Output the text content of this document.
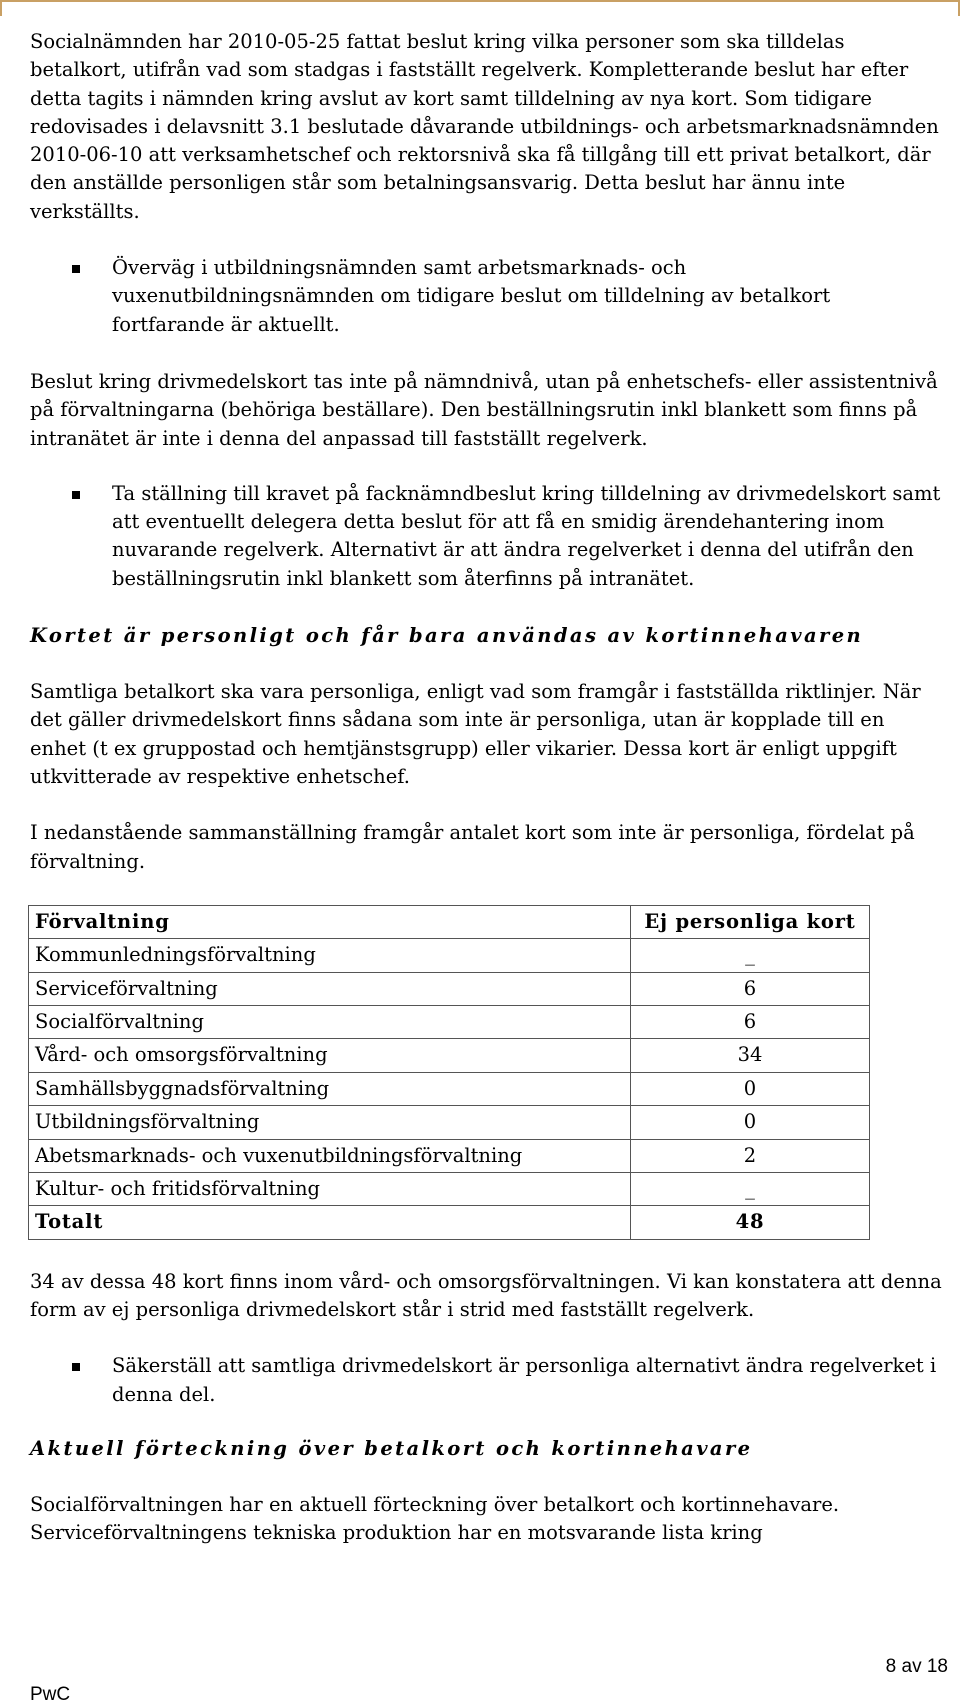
Socialnämnden har 2010-05-25 fattat beslut kring vilka personer som ska tilldelas betalkort, utifrån vad som stadgas i fastställt regelverk. Kompletterande beslut har efter detta tagits i nämnden kring avslut av kort samt tilldelning av nya kort. Som tidigare redovisades i delavsnitt 3.1 beslutade dåvarande utbildnings- och arbetsmarknadsnämnden 2010-06-10 att verksamhetschef och rektorsnivå ska få tillgång till ett privat betalkort, där den anställde personligen står som betalningsansvarig. Detta beslut har ännu inte verkställts.

Överväg i utbildningsnämnden samt arbetsmarknads- och vuxenutbildningsnämnden om tidigare beslut om tilldelning av betalkort fortfarande är aktuellt.

Beslut kring drivmedelskort tas inte på nämndnivå, utan på enhetschefs- eller assistentnivå på förvaltningarna (behöriga beställare). Den beställningsrutin inkl blankett som finns på intranätet är inte i denna del anpassad till fastställt regelverk.

Ta ställning till kravet på facknämndbeslut kring tilldelning av drivmedelskort samt att eventuellt delegera detta beslut för att få en smidig ärendehantering inom nuvarande regelverk. Alternativt är att ändra regelverket i denna del utifrån den beställningsrutin inkl blankett som återfinns på intranätet.
Kortet är personligt och får bara användas av kortinnehavaren

Samtliga betalkort ska vara personliga, enligt vad som framgår i fastställda riktlinjer. När det gäller drivmedelskort finns sådana som inte är personliga, utan är kopplade till en enhet (t ex gruppostad och hemtjänstsgrupp) eller vikarier. Dessa kort är enligt uppgift utkvitterade av respektive enhetschef.

I nedanstående sammanställning framgår antalet kort som inte är personliga, fördelat på förvaltning.

Förvaltning	Ej personliga kort
Kommunledningsförvaltning	_
Serviceförvaltning	6
Socialförvaltning	6
Vård- och omsorgsförvaltning	34
Samhällsbyggnadsförvaltning	0
Utbildningsförvaltning	0
Abetsmarknads- och vuxenutbildningsförvaltning	2
Kultur- och fritidsförvaltning	_
Totalt	48

34 av dessa 48 kort finns inom vård- och omsorgsförvaltningen. Vi kan konstatera att denna form av ej personliga drivmedelskort står i strid med fastställt regelverk.

Säkerställ att samtliga drivmedelskort är personliga alternativt ändra regelverket i denna del.
Aktuell förteckning över betalkort och kortinnehavare

Socialförvaltningen har en aktuell förteckning över betalkort och kortinnehavare. Serviceförvaltningens tekniska produktion har en motsvarande lista kring

8 av 18
PwC
